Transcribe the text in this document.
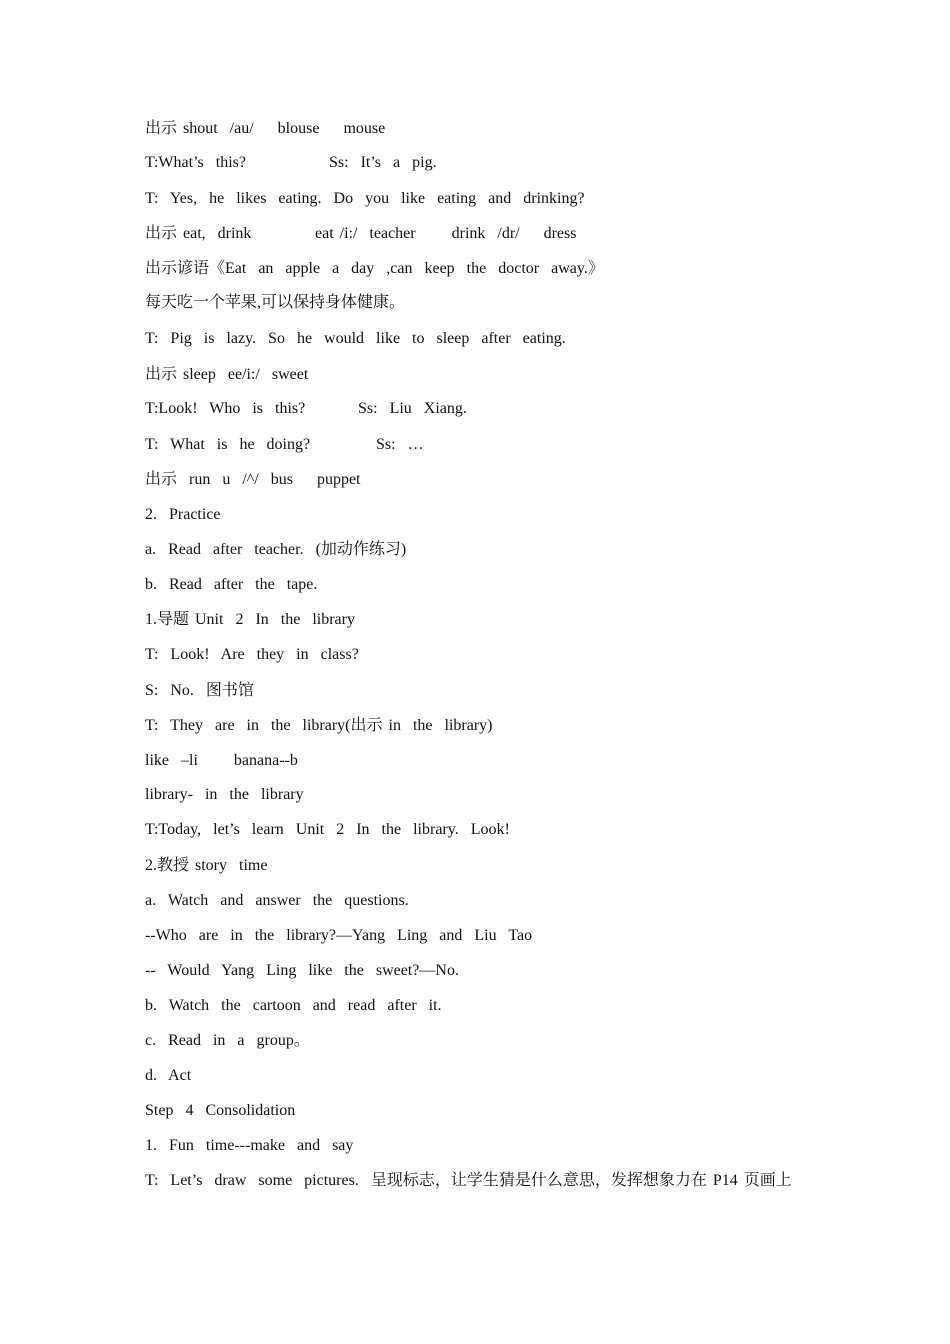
出示 shout  /au/    blouse    mouse

T:What’s  this?

	Ss:  It’s  a  pig.

T:  Yes,  he  likes  eating.  Do  you  like  eating  and  drinking?

出示 eat,  drink

	eat /i:/  teacher      drink  /dr/    dress

出示谚语《Eat  an  apple  a  day  ,can  keep  the  doctor  away.》
每天吃一个苹果,可以保持身体健康。
T:  Pig  is  lazy.  So  he  would  like  to  sleep  after  eating.
出示 sleep  ee/i:/  sweet

T:Look!  Who  is  this?

	Ss:  Liu  Xiang.

T:  What  is  he  doing?

	Ss:  …

出示  run  u  /^/  bus    puppet
2.  Practice
a.  Read  after  teacher.  (加动作练习)
b.  Read  after  the  tape.
1.导题 Unit  2  In  the  library
T:  Look!  Are  they  in  class?
S:  No.  图书馆
T:  They  are  in  the  library(出示 in  the  library)
like  –li      banana--b
library-  in  the  library
T:Today,  let’s  learn  Unit  2  In  the  library.  Look!
2.教授 story  time
a.  Watch  and  answer  the  questions.
--Who  are  in  the  library?—Yang  Ling  and  Liu  Tao
--  Would  Yang  Ling  like  the  sweet?—No.
b.  Watch  the  cartoon  and  read  after  it.
c.  Read  in  a  group。
d.  Act
Step  4  Consolidation
1.  Fun  time---make  and  say
T:  Let’s  draw  some  pictures.  呈现标志，让学生猜是什么意思，发挥想象力在 P14 页画上
